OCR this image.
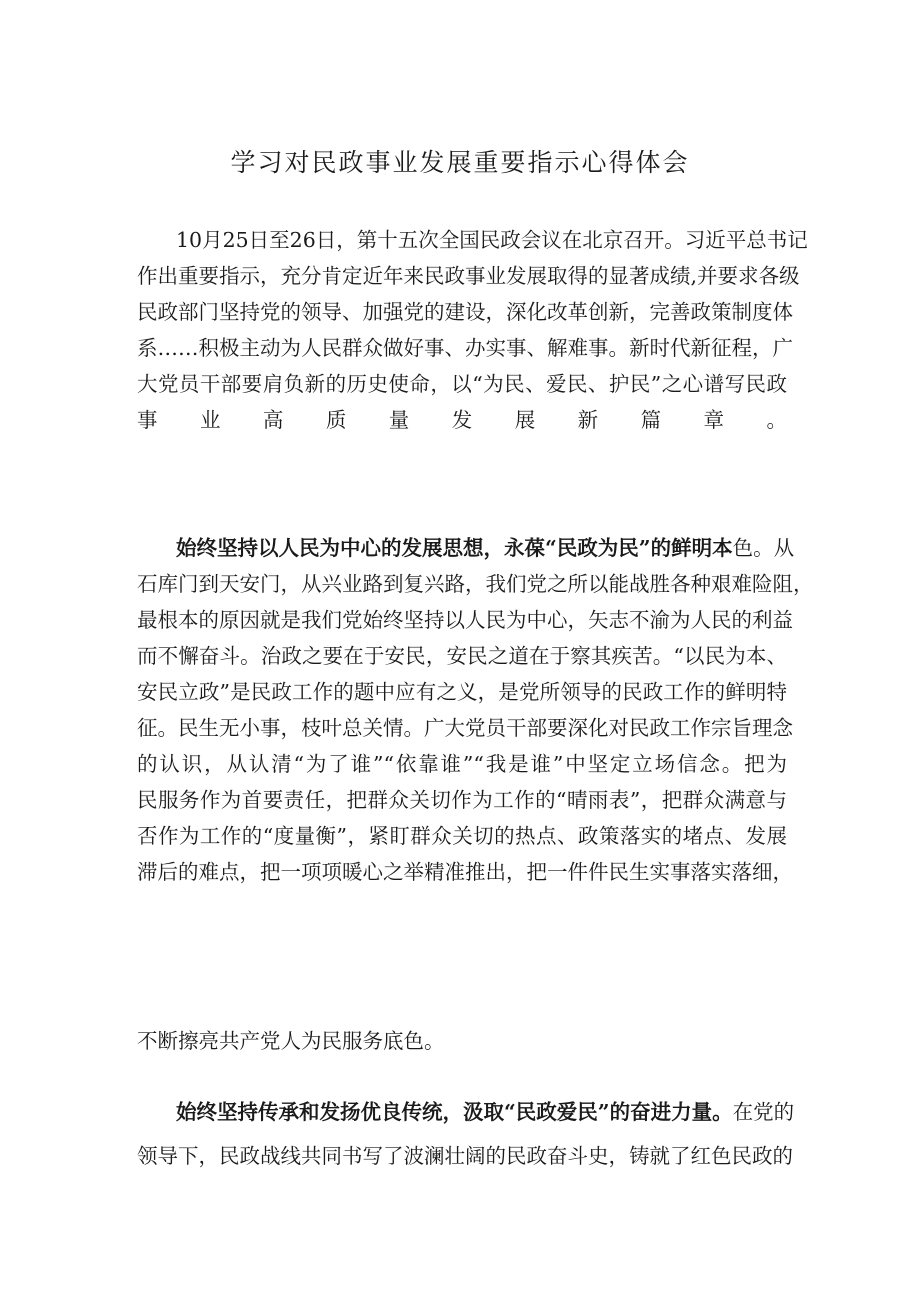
学习对民政事业发展重要指示心得体会
10月25日至26日，第十五次全国民政会议在北京召开。习近平总书记
作出重要指示，充分肯定近年来民政事业发展取得的显著成绩,并要求各级
民政部门坚持党的领导、加强党的建设，深化改革创新，完善政策制度体
系……积极主动为人民群众做好事、办实事、解难事。新时代新征程，广
大党员干部要肩负新的历史使命，以“为民、爱民、护民”之心谱写民政
事业高质量发展新篇章。
始终坚持以人民为中心的发展思想，永葆“民政为民”的鲜明本色。从
石库门到天安门，从兴业路到复兴路，我们党之所以能战胜各种艰难险阻，
最根本的原因就是我们党始终坚持以人民为中心，矢志不渝为人民的利益
而不懈奋斗。治政之要在于安民，安民之道在于察其疾苦。“以民为本、
安民立政”是民政工作的题中应有之义，是党所领导的民政工作的鲜明特
征。民生无小事，枝叶总关情。广大党员干部要深化对民政工作宗旨理念
的认识，从认清“为了谁”“依靠谁”“我是谁”中坚定立场信念。把为
民服务作为首要责任，把群众关切作为工作的“晴雨表”，把群众满意与
否作为工作的“度量衡”，紧盯群众关切的热点、政策落实的堵点、发展
滞后的难点，把一项项暖心之举精准推出，把一件件民生实事落实落细，
不断擦亮共产党人为民服务底色。
始终坚持传承和发扬优良传统，汲取“民政爱民”的奋进力量。在党的
领导下，民政战线共同书写了波澜壮阔的民政奋斗史，铸就了红色民政的
